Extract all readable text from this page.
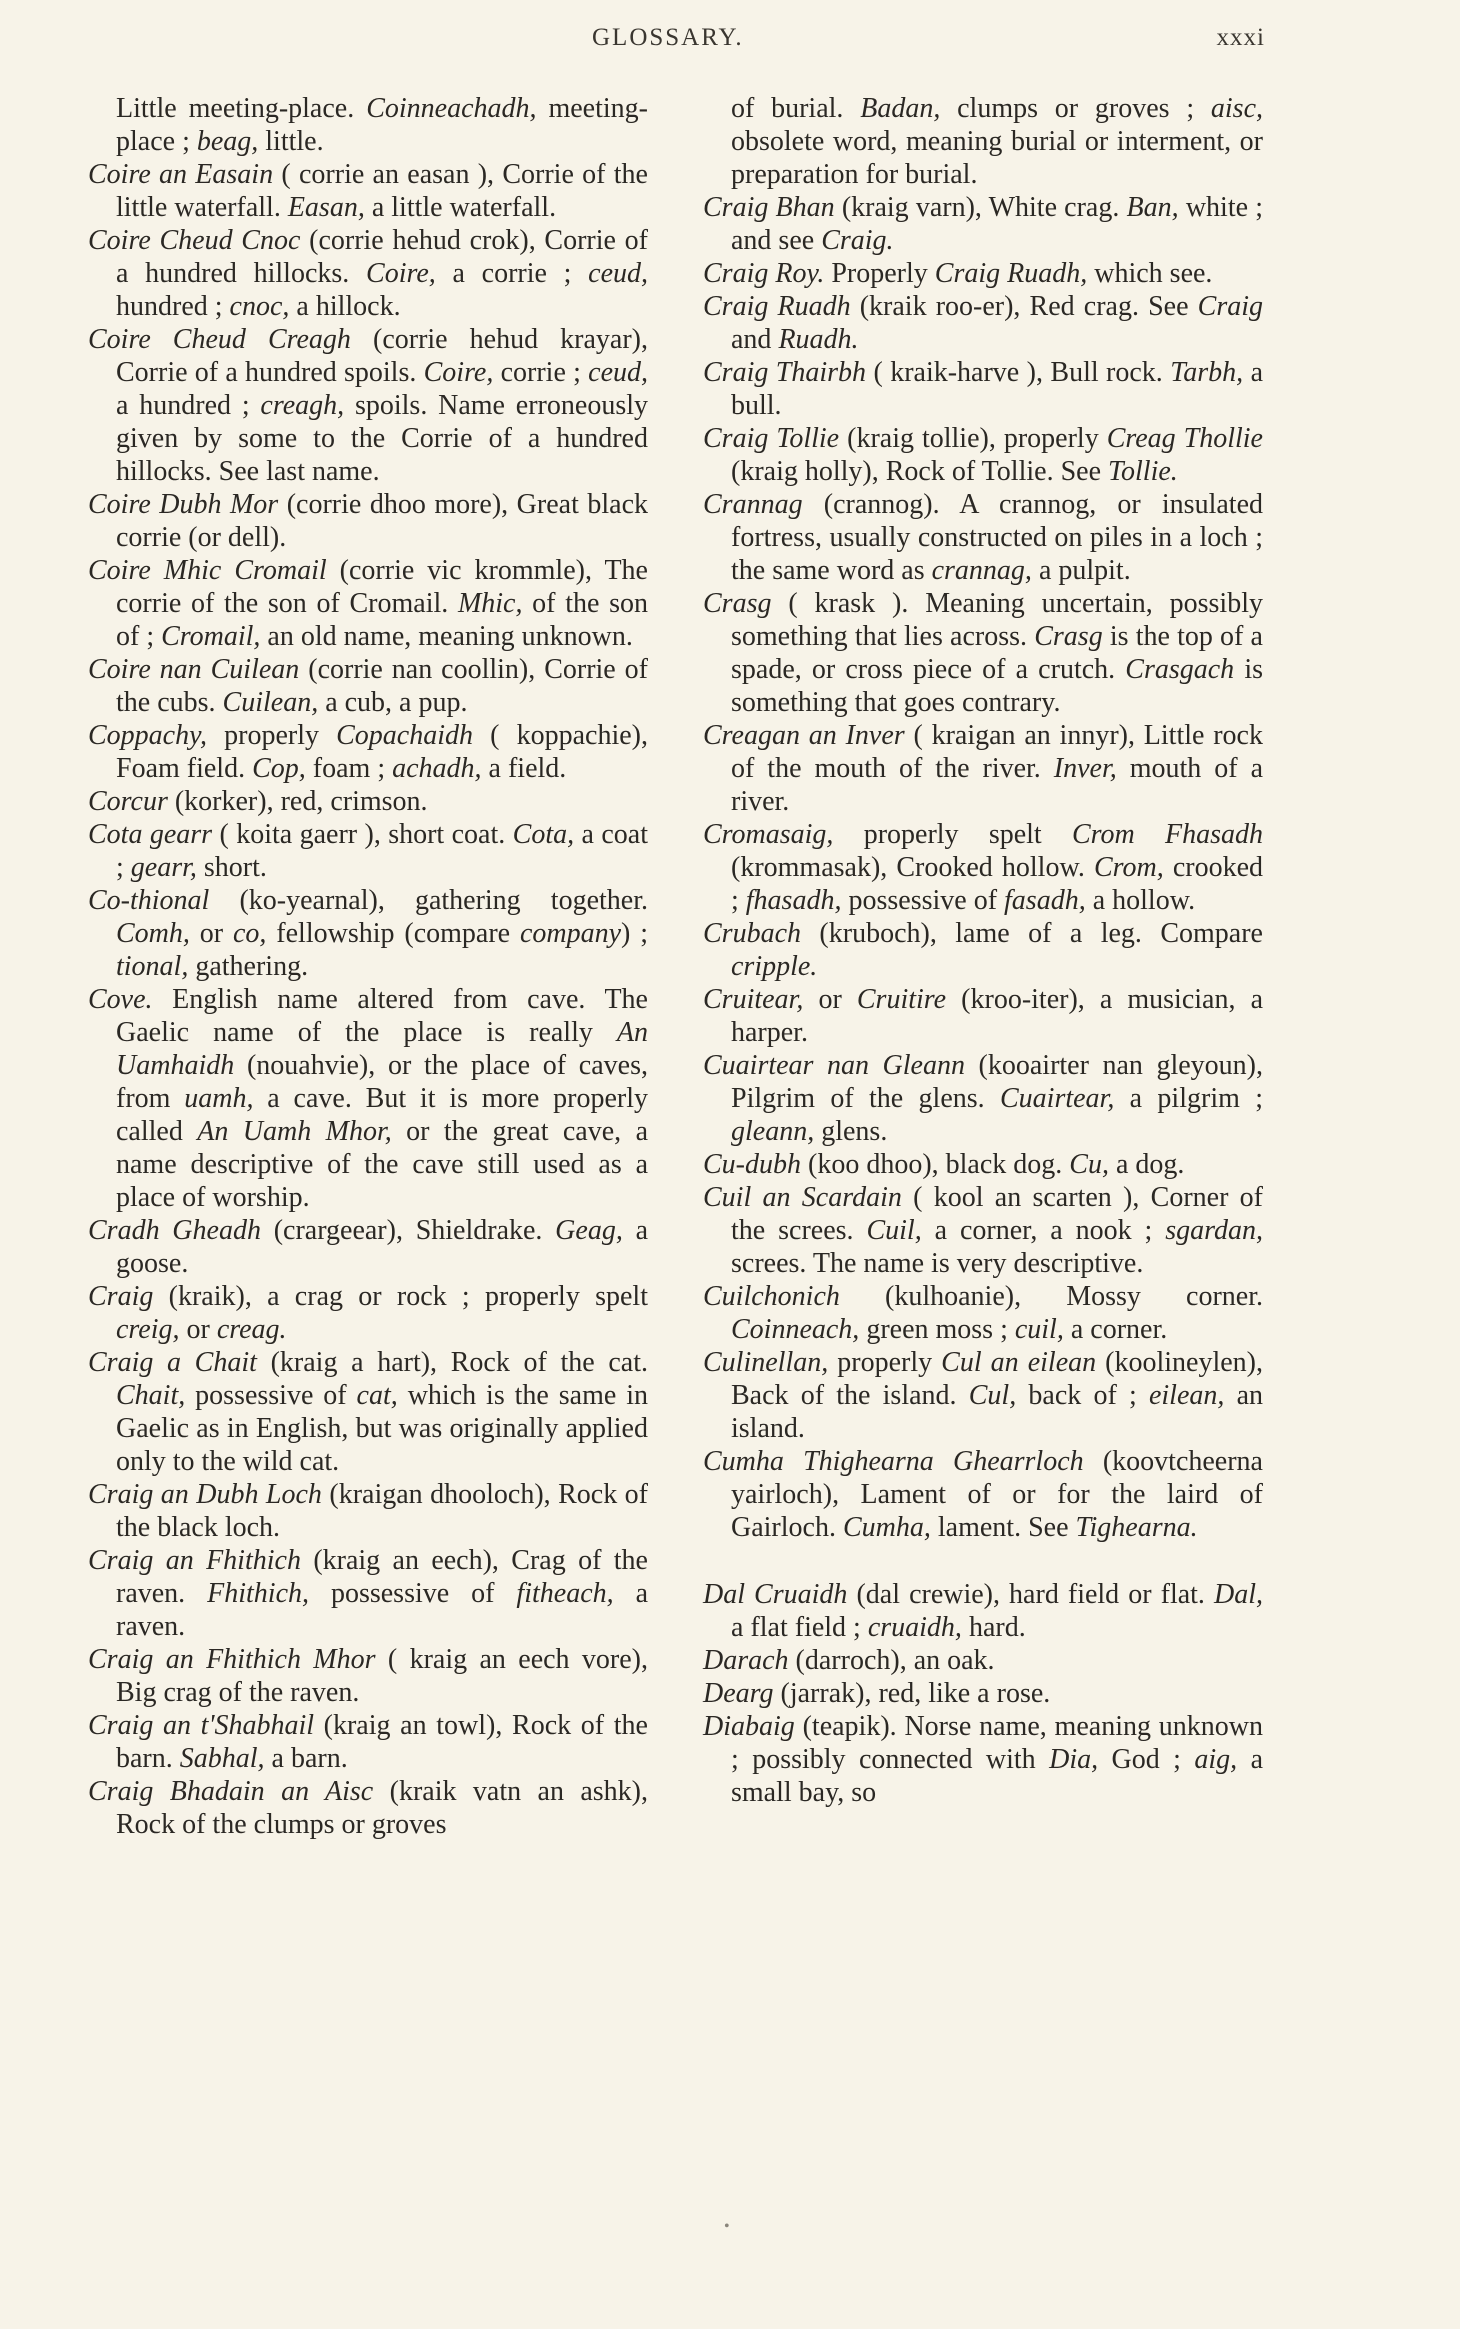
GLOSSARY.	xxxi
Little meeting-place. Coinneachadh, meeting-place ; beag, little.
Coire an Easain ( corrie an easan ), Corrie of the little waterfall. Easan, a little waterfall.
Coire Cheud Cnoc (corrie hehud crok), Corrie of a hundred hillocks. Coire, a corrie ; ceud, hundred ; cnoc, a hillock.
Coire Cheud Creagh (corrie hehud krayar), Corrie of a hundred spoils. Coire, corrie ; ceud, a hundred ; creagh, spoils. Name erroneously given by some to the Corrie of a hundred hillocks. See last name.
Coire Dubh Mor (corrie dhoo more), Great black corrie (or dell).
Coire Mhic Cromail (corrie vic krommle), The corrie of the son of Cromail. Mhic, of the son of ; Cromail, an old name, meaning unknown.
Coire nan Cuilean (corrie nan coollin), Corrie of the cubs. Cuilean, a cub, a pup.
Coppachy, properly Copachaidh ( koppachie), Foam field. Cop, foam ; achadh, a field.
Corcur (korker), red, crimson.
Cota gearr ( koita gaerr ), short coat. Cota, a coat ; gearr, short.
Co-thional (ko-yearnal), gathering together. Comh, or co, fellowship (compare company) ; tional, gathering.
Cove. English name altered from cave. The Gaelic name of the place is really An Uamhaidh (nouahvie), or the place of caves, from uamh, a cave. But it is more properly called An Uamh Mhor, or the great cave, a name descriptive of the cave still used as a place of worship.
Cradh Gheadh (crargeear), Shieldrake. Geag, a goose.
Craig (kraik), a crag or rock ; properly spelt creig, or creag.
Craig a Chait (kraig a hart), Rock of the cat. Chait, possessive of cat, which is the same in Gaelic as in English, but was originally applied only to the wild cat.
Craig an Dubh Loch (kraigan dhooloch), Rock of the black loch.
Craig an Fhithich (kraig an eech), Crag of the raven. Fhithich, possessive of fitheach, a raven.
Craig an Fhithich Mhor ( kraig an eech vore), Big crag of the raven.
Craig an t'Shabhail (kraig an towl), Rock of the barn. Sabhal, a barn.
Craig Bhadain an Aisc (kraik vatn an ashk), Rock of the clumps or groves
of burial. Badan, clumps or groves ; aisc, obsolete word, meaning burial or interment, or preparation for burial.
Craig Bhan (kraig varn), White crag. Ban, white ; and see Craig.
Craig Roy. Properly Craig Ruadh, which see.
Craig Ruadh (kraik roo-er), Red crag. See Craig and Ruadh.
Craig Thairbh ( kraik-harve ), Bull rock. Tarbh, a bull.
Craig Tollie (kraig tollie), properly Creag Thollie (kraig holly), Rock of Tollie. See Tollie.
Crannag (crannog). A crannog, or insulated fortress, usually constructed on piles in a loch ; the same word as crannag, a pulpit.
Crasg ( krask ). Meaning uncertain, possibly something that lies across. Crasg is the top of a spade, or cross piece of a crutch. Crasgach is something that goes contrary.
Creagan an Inver ( kraigan an innyr), Little rock of the mouth of the river. Inver, mouth of a river.
Cromasaig, properly spelt Crom Fhasadh (krommasak), Crooked hollow. Crom, crooked ; fhasadh, possessive of fasadh, a hollow.
Crubach (kruboch), lame of a leg. Compare cripple.
Cruitear, or Cruitire (kroo-iter), a musician, a harper.
Cuairtear nan Gleann (kooairter nan gleyoun), Pilgrim of the glens. Cuairtear, a pilgrim ; gleann, glens.
Cu-dubh (koo dhoo), black dog. Cu, a dog.
Cuil an Scardain ( kool an scarten ), Corner of the screes. Cuil, a corner, a nook ; sgardan, screes. The name is very descriptive.
Cuilchonich (kulhoanie), Mossy corner. Coinneach, green moss ; cuil, a corner.
Culinellan, properly Cul an eilean (koolineylen), Back of the island. Cul, back of ; eilean, an island.
Cumha Thighearna Ghearrloch (koovtcheerna yairloch), Lament of or for the laird of Gairloch. Cumha, lament. See Tighearna.
Dal Cruaidh (dal crewie), hard field or flat. Dal, a flat field ; cruaidh, hard.
Darach (darroch), an oak.
Dearg (jarrak), red, like a rose.
Diabaig (teapik). Norse name, meaning unknown ; possibly connected with Dia, God ; aig, a small bay, so
•
